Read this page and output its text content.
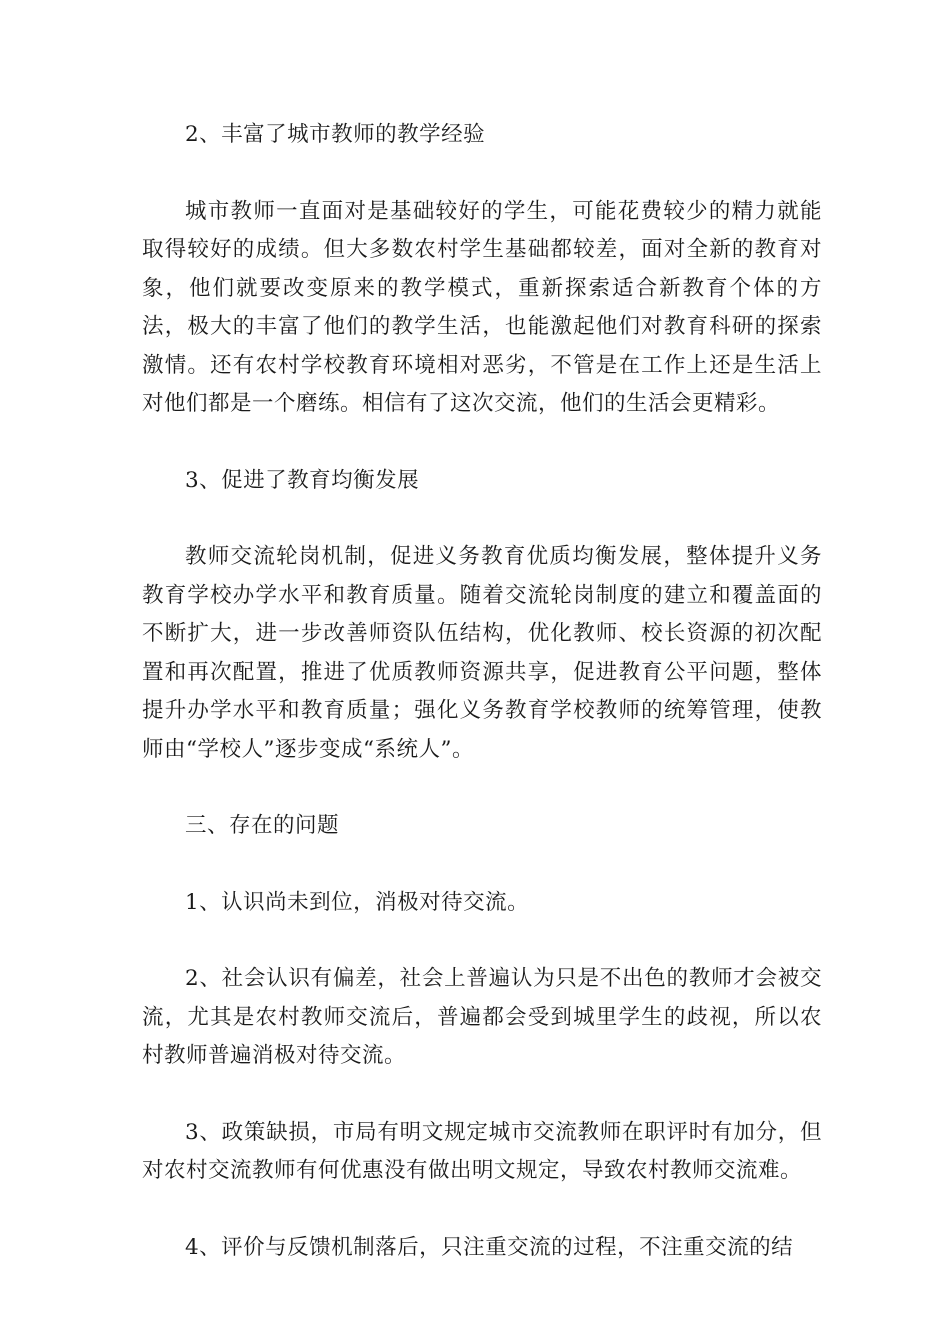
2、丰富了城市教师的教学经验

城市教师一直面对是基础较好的学生，可能花费较少的精力就能取得较好的成绩。但大多数农村学生基础都较差，面对全新的教育对象，他们就要改变原来的教学模式，重新探索适合新教育个体的方法，极大的丰富了他们的教学生活，也能激起他们对教育科研的探索激情。还有农村学校教育环境相对恶劣，不管是在工作上还是生活上对他们都是一个磨练。相信有了这次交流，他们的生活会更精彩。

3、促进了教育均衡发展

教师交流轮岗机制，促进义务教育优质均衡发展，整体提升义务教育学校办学水平和教育质量。随着交流轮岗制度的建立和覆盖面的不断扩大，进一步改善师资队伍结构，优化教师、校长资源的初次配置和再次配置，推进了优质教师资源共享，促进教育公平问题，整体提升办学水平和教育质量；强化义务教育学校教师的统筹管理，使教师由“学校人”逐步变成“系统人”。

三、存在的问题

1、认识尚未到位，消极对待交流。

2、社会认识有偏差，社会上普遍认为只是不出色的教师才会被交流，尤其是农村教师交流后，普遍都会受到城里学生的歧视，所以农村教师普遍消极对待交流。

3、政策缺损，市局有明文规定城市交流教师在职评时有加分，但对农村交流教师有何优惠没有做出明文规定，导致农村教师交流难。

4、评价与反馈机制落后，只注重交流的过程，不注重交流的结
